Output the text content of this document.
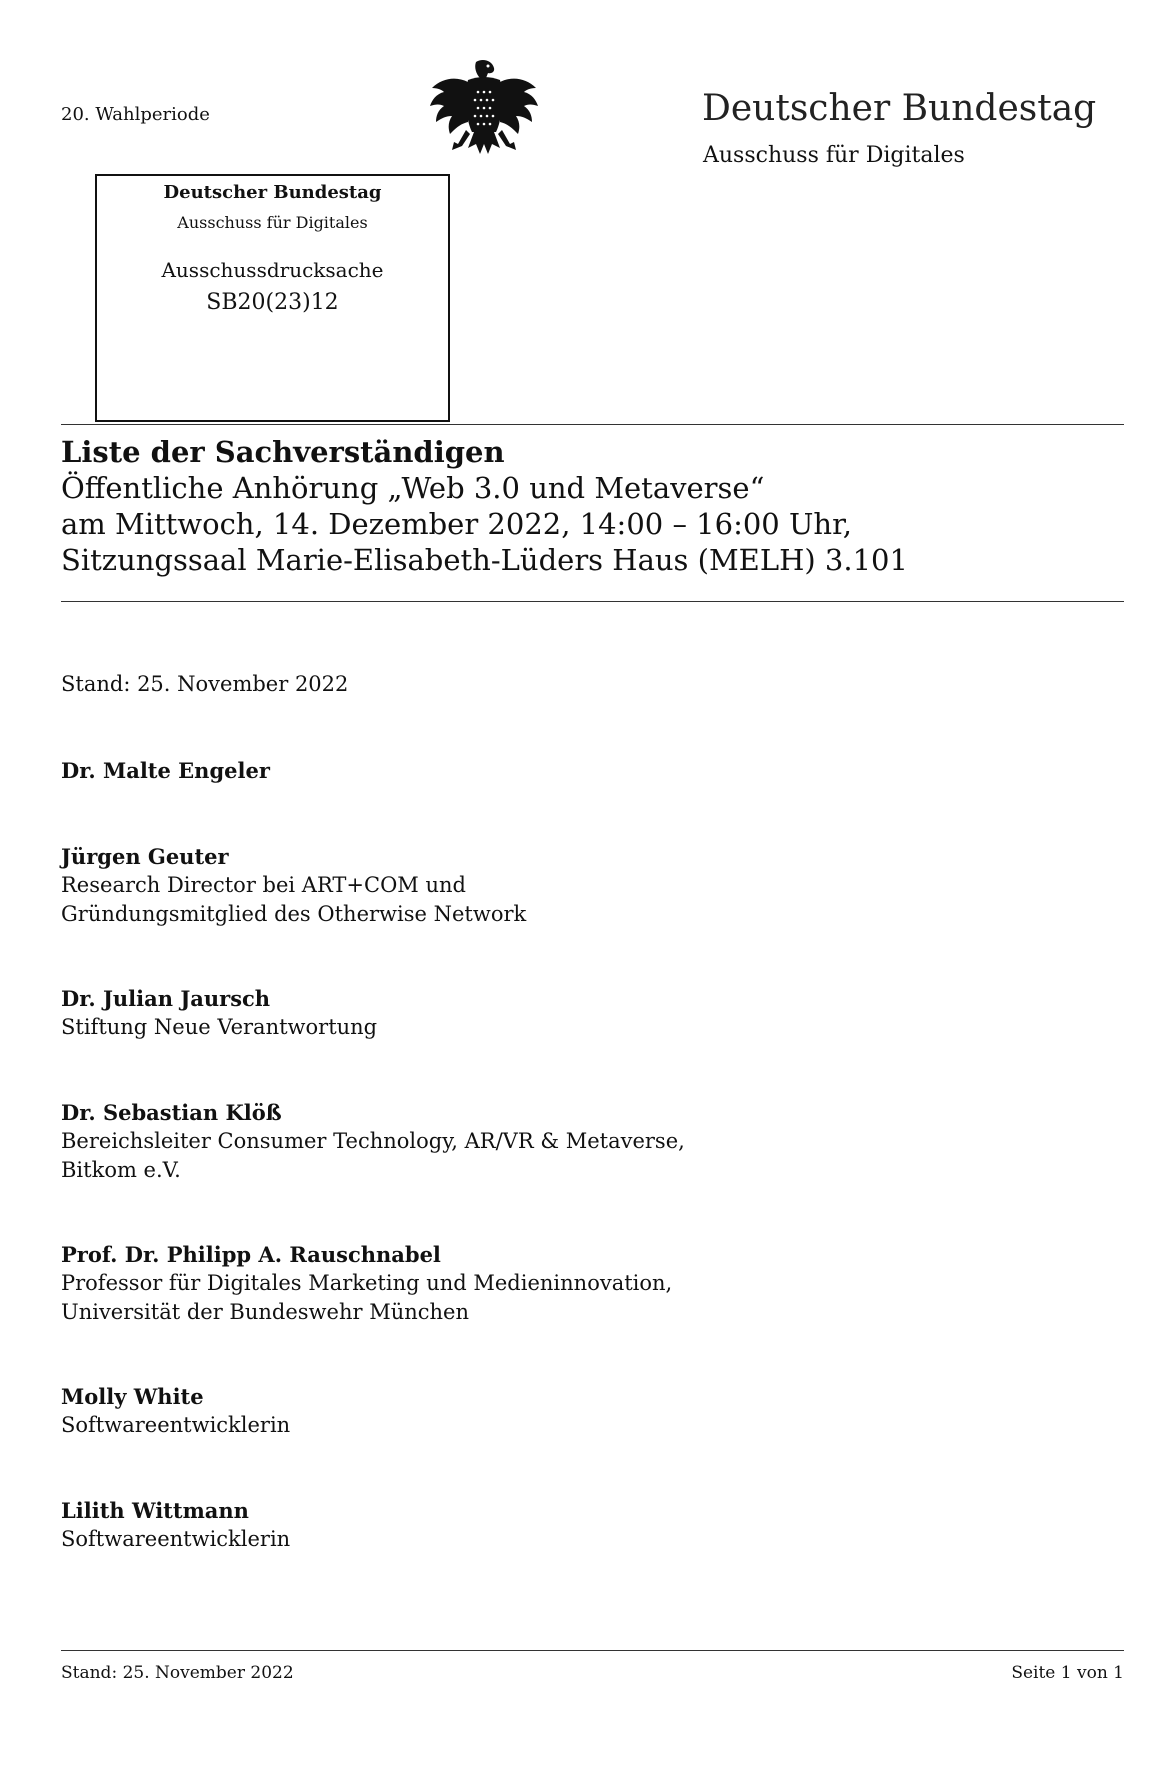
20. Wahlperiode	Deutscher Bundestag
Ausschuss für Digitales
Deutscher Bundestag
Ausschuss für Digitales
Ausschussdrucksache
SB20(23)12
Liste der Sachverständigen
Öffentliche Anhörung „Web 3.0 und Metaverse“
am Mittwoch, 14. Dezember 2022, 14:00 – 16:00 Uhr,
Sitzungssaal Marie-Elisabeth-Lüders Haus (MELH) 3.101
Stand: 25. November 2022
Dr. Malte Engeler
Jürgen Geuter
Research Director bei ART+COM und
Gründungsmitglied des Otherwise Network
Dr. Julian Jaursch
Stiftung Neue Verantwortung
Dr. Sebastian Klöß
Bereichsleiter Consumer Technology, AR/VR & Metaverse,
Bitkom e.V.
Prof. Dr. Philipp A. Rauschnabel
Professor für Digitales Marketing und Medieninnovation,
Universität der Bundeswehr München
Molly White
Softwareentwicklerin
Lilith Wittmann
Softwareentwicklerin
Stand: 25. November 2022	Seite 1 von 1
